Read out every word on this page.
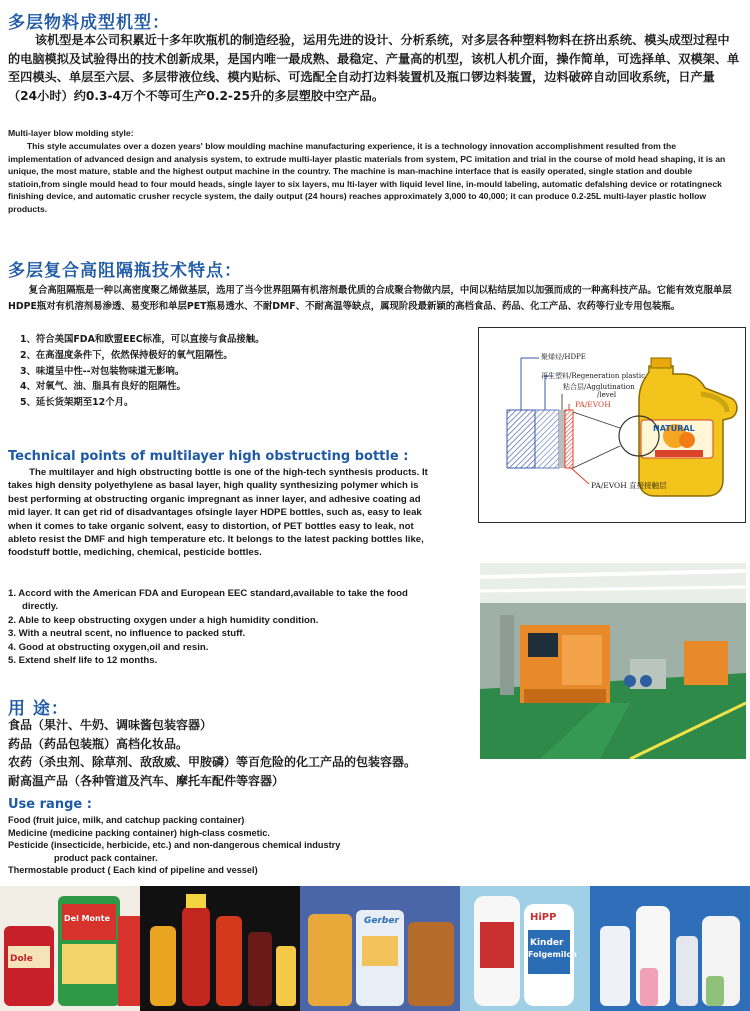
多层物料成型机型：
该机型是本公司积累近十多年吹瓶机的制造经验，运用先进的设计、分析系统，对多层各种塑料物料在挤出系统、模头成型过程中的电脑模拟及试验得出的技术创新成果，是国内唯一最成熟、最稳定、产量高的机型，该机人机介面，操作简单，可选择单、双模架、单至四模头、单层至六层、多层带液位线、模内贴标、可选配全自动打边料装置机及瓶口锣边料装置，边料破碎自动回收系统，日产量（24小时）约0.3-4万个不等可生产0.2-25升的多层塑胶中空产品。
Multi-layer blow molding style:
This style accumulates over a dozen years' blow moulding machine manufacturing experience, it is a technology innovation accomplishment resulted from the implementation of advanced design and analysis system, to extrude multi-layer plastic materials from system, PC imitation and trial in the course of mold head shaping, it is an unique, the most mature, stable and the highest output machine in the country. The machine is man-machine interface that is easily operated, single station and double statioin,from single mould head to four mould heads, single layer to six layers, mu lti-layer with liquid level line, in-mould labeling, automatic defalshing device or rotatingneck finishing device, and automatic crusher recycle system, the daily output (24 hours) reaches approximately 3,000 to 40,000; it can produce 0.2-25L multi-layer plastic hollow products.
多层复合高阻隔瓶技术特点：
复合高阻隔瓶是一种以高密度聚乙烯做基层，选用了当今世界阻隔有机溶剂最优质的合成聚合物做内层，中间以粘结层加以加强而成的一种高科技产品。它能有效克服单层HDPE瓶对有机溶剂易渗透、易变形和单层PET瓶易透水、不耐DMF、不耐高温等缺点，属现阶段最新颖的高档食品、药品、化工产品、农药等行业专用包装瓶。
1、符合美国FDA和欧盟EEC标准，可以直接与食品接触。
2、在高湿度条件下，依然保持极好的氧气阻隔性。
3、味道呈中性--对包装物味道无影响。
4、对氧气、油、脂具有良好的阻隔性。
5、延长货架期至12个月。
聚烯烃/HDPE
再生塑料/Regeneration plastic
粘合层/Agglutination
/level
PA/EVOH
PA/EVOH 直接接触层
NATURAL
Technical points of multilayer high obstructing bottle :
The multilayer and high obstructing bottle is one of the high-tech synthesis products. It takes high density polyethylene as basal layer, high quality synthesizing polymer which is best performing at obstructing organic impregnant as inner layer, and adhesive coating ad mid layer. It can get rid of disadvantages ofsingle layer HDPE bottles, such as, easy to leak when it comes to take organic solvent, easy to distortion, of PET bottles easy to leak, not ableto resist the DMF and high temperature etc. It belongs to the latest packing bottles like, foodstuff bottle, mediching, chemical, pesticide bottles.
1. Accord with the American FDA and European EEC standard,available to take the food directly.
2. Able to keep obstructing oxygen under a high humidity condition.
3. With a neutral scent, no influence to packed stuff.
4. Good at obstructing oxygen,oil and resin.
5. Extend shelf life to 12 months.
用 途：
食品（果汁、牛奶、调味酱包装容器）
药品（药品包装瓶）高档化妆品。
农药（杀虫剂、除草剂、敌敌威、甲胺磷）等百危险的化工产品的包装容器。
耐高温产品（各种管道及汽车、摩托车配件等容器）
Use range :
Food (fruit juice, milk, and catchup packing container)
Medicine (medicine packing container) high-class cosmetic.
Pesticide (insecticide, herbicide, etc.) and non-dangerous chemical industry
product pack container.
Thermostable product ( Each kind of pipeline and vessel)
Dole
Del Monte	Gerber	HiPP
Kinder
Folgemilch
